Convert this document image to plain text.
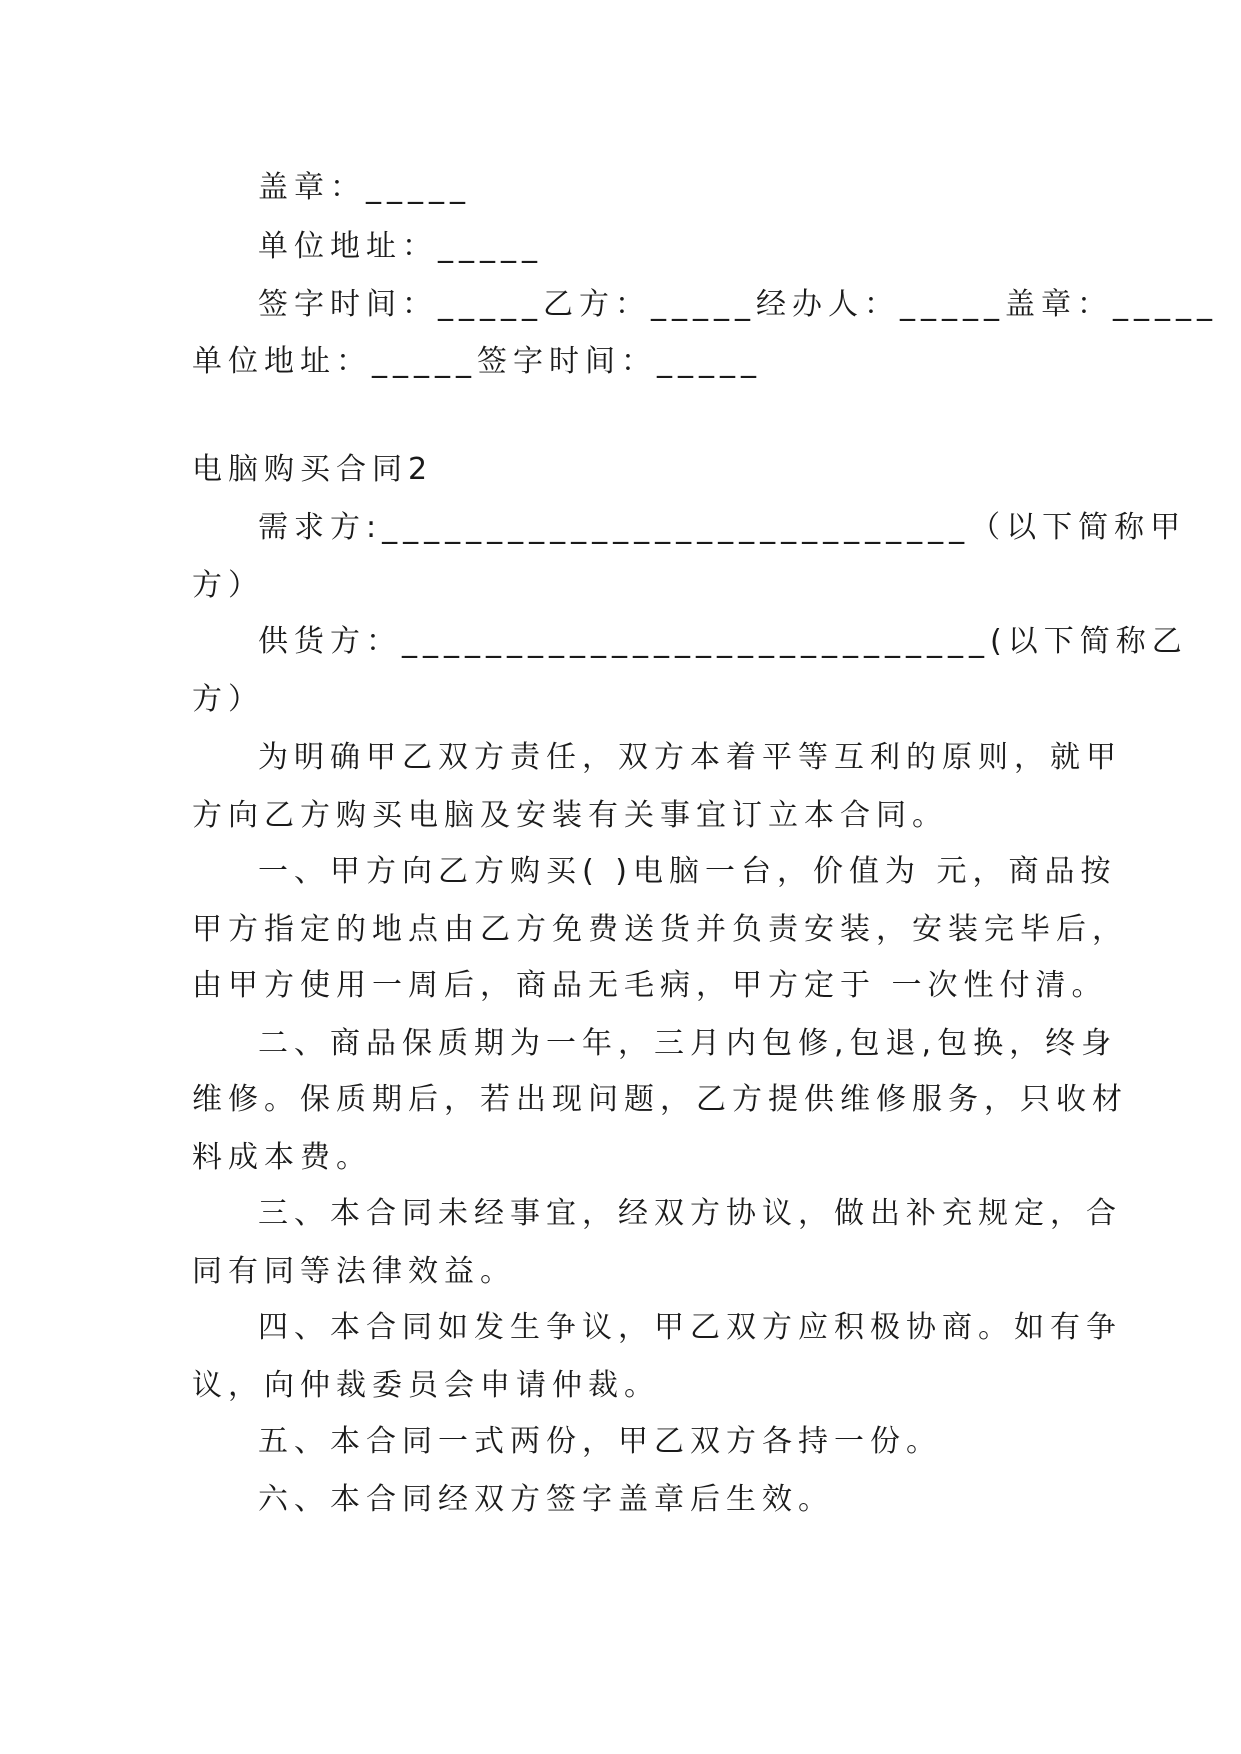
盖章：_____
单位地址：_____
签字时间：_____乙方：_____经办人：_____盖章：_____
单位地址：_____签字时间：_____
电脑购买合同2
需求方:____________________________（以下简称甲
方）
供货方：____________________________(以下简称乙
方）
为明确甲乙双方责任，双方本着平等互利的原则，就甲
方向乙方购买电脑及安装有关事宜订立本合同。
一、甲方向乙方购买( )电脑一台，价值为 元，商品按
甲方指定的地点由乙方免费送货并负责安装，安装完毕后，
由甲方使用一周后，商品无毛病，甲方定于 一次性付清。
二、商品保质期为一年，三月内包修,包退,包换，终身
维修。保质期后，若出现问题，乙方提供维修服务，只收材
料成本费。
三、本合同未经事宜，经双方协议，做出补充规定，合
同有同等法律效益。
四、本合同如发生争议，甲乙双方应积极协商。如有争
议，向仲裁委员会申请仲裁。
五、本合同一式两份，甲乙双方各持一份。
六、本合同经双方签字盖章后生效。
